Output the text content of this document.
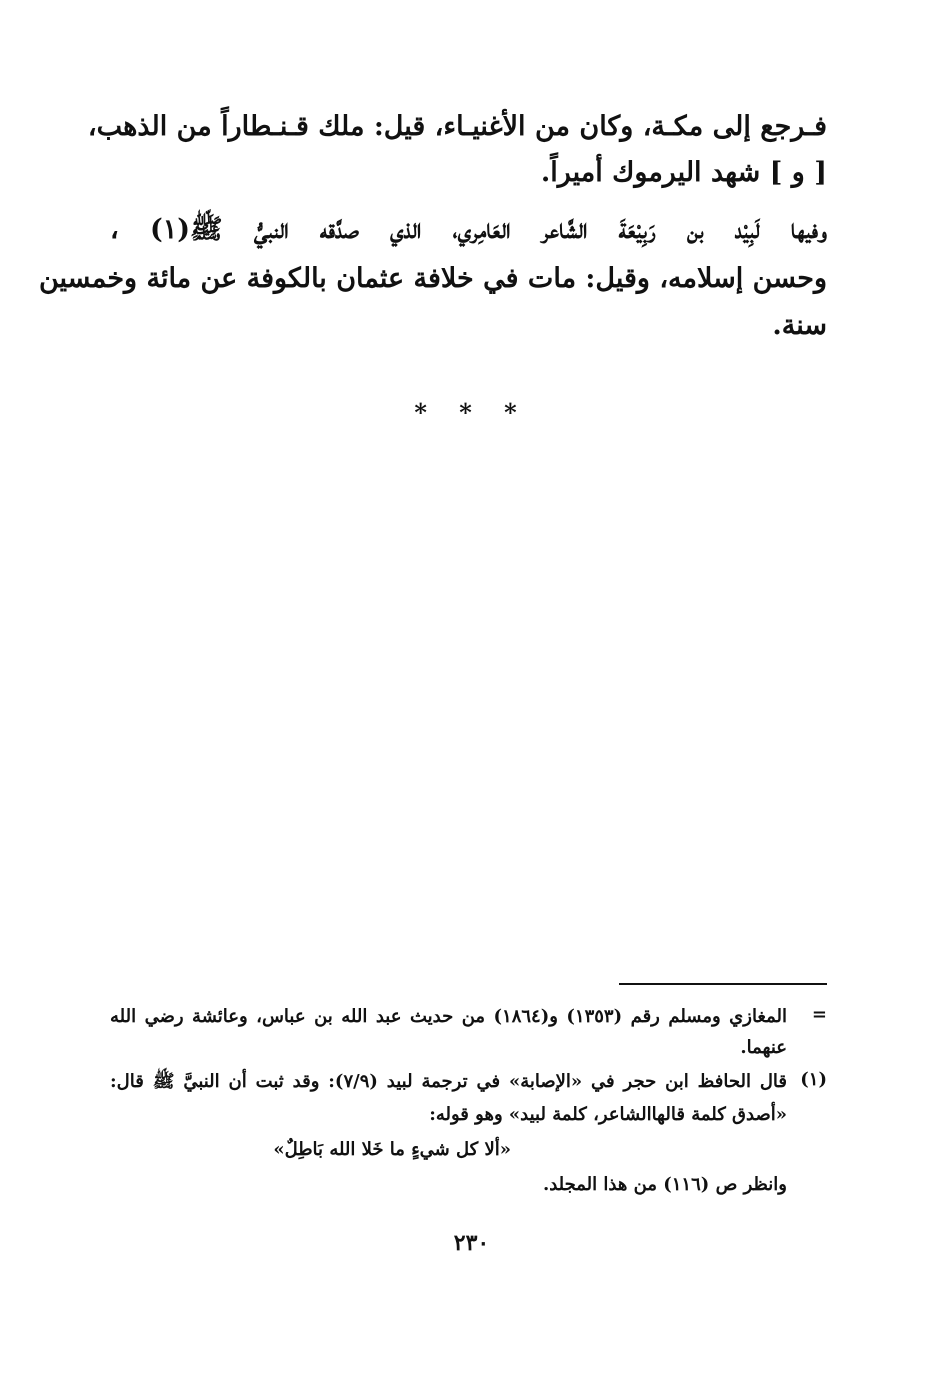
فـرجع إلى مكـة، وكان من الأغنيـاء، قيل: ملك قـنـطاراً من الذهب،
[ و ] شهد اليرموك أميراً.
وفيها لَبِيْد بن رَبِيْعَةَ الشَّاعر العَامِري، الذي صدَّقه النبيُّ ﷺ(١) ،
وحسن إسلامه، وقيل: مات في خلافة عثمان بالكوفة عن مائة وخمسين
سنة.
* * *
=
المغازي ومسلم رقم (١٣٥٣) و(١٨٦٤) من حديث عبد الله بن عباس، وعائشة رضي الله
عنهما.
(١)
قال الحافظ ابن حجر في «الإصابة» في ترجمة لبيد (٧/٩): وقد ثبت أن النبيَّ ﷺ قال:
«أصدق كلمة قالهاالشاعر، كلمة لبيد» وهو قوله:
«ألا كل شيءٍ ما خَلا الله بَاطِلٌ»
وانظر ص (١١٦) من هذا المجلد.
٢٣٠
